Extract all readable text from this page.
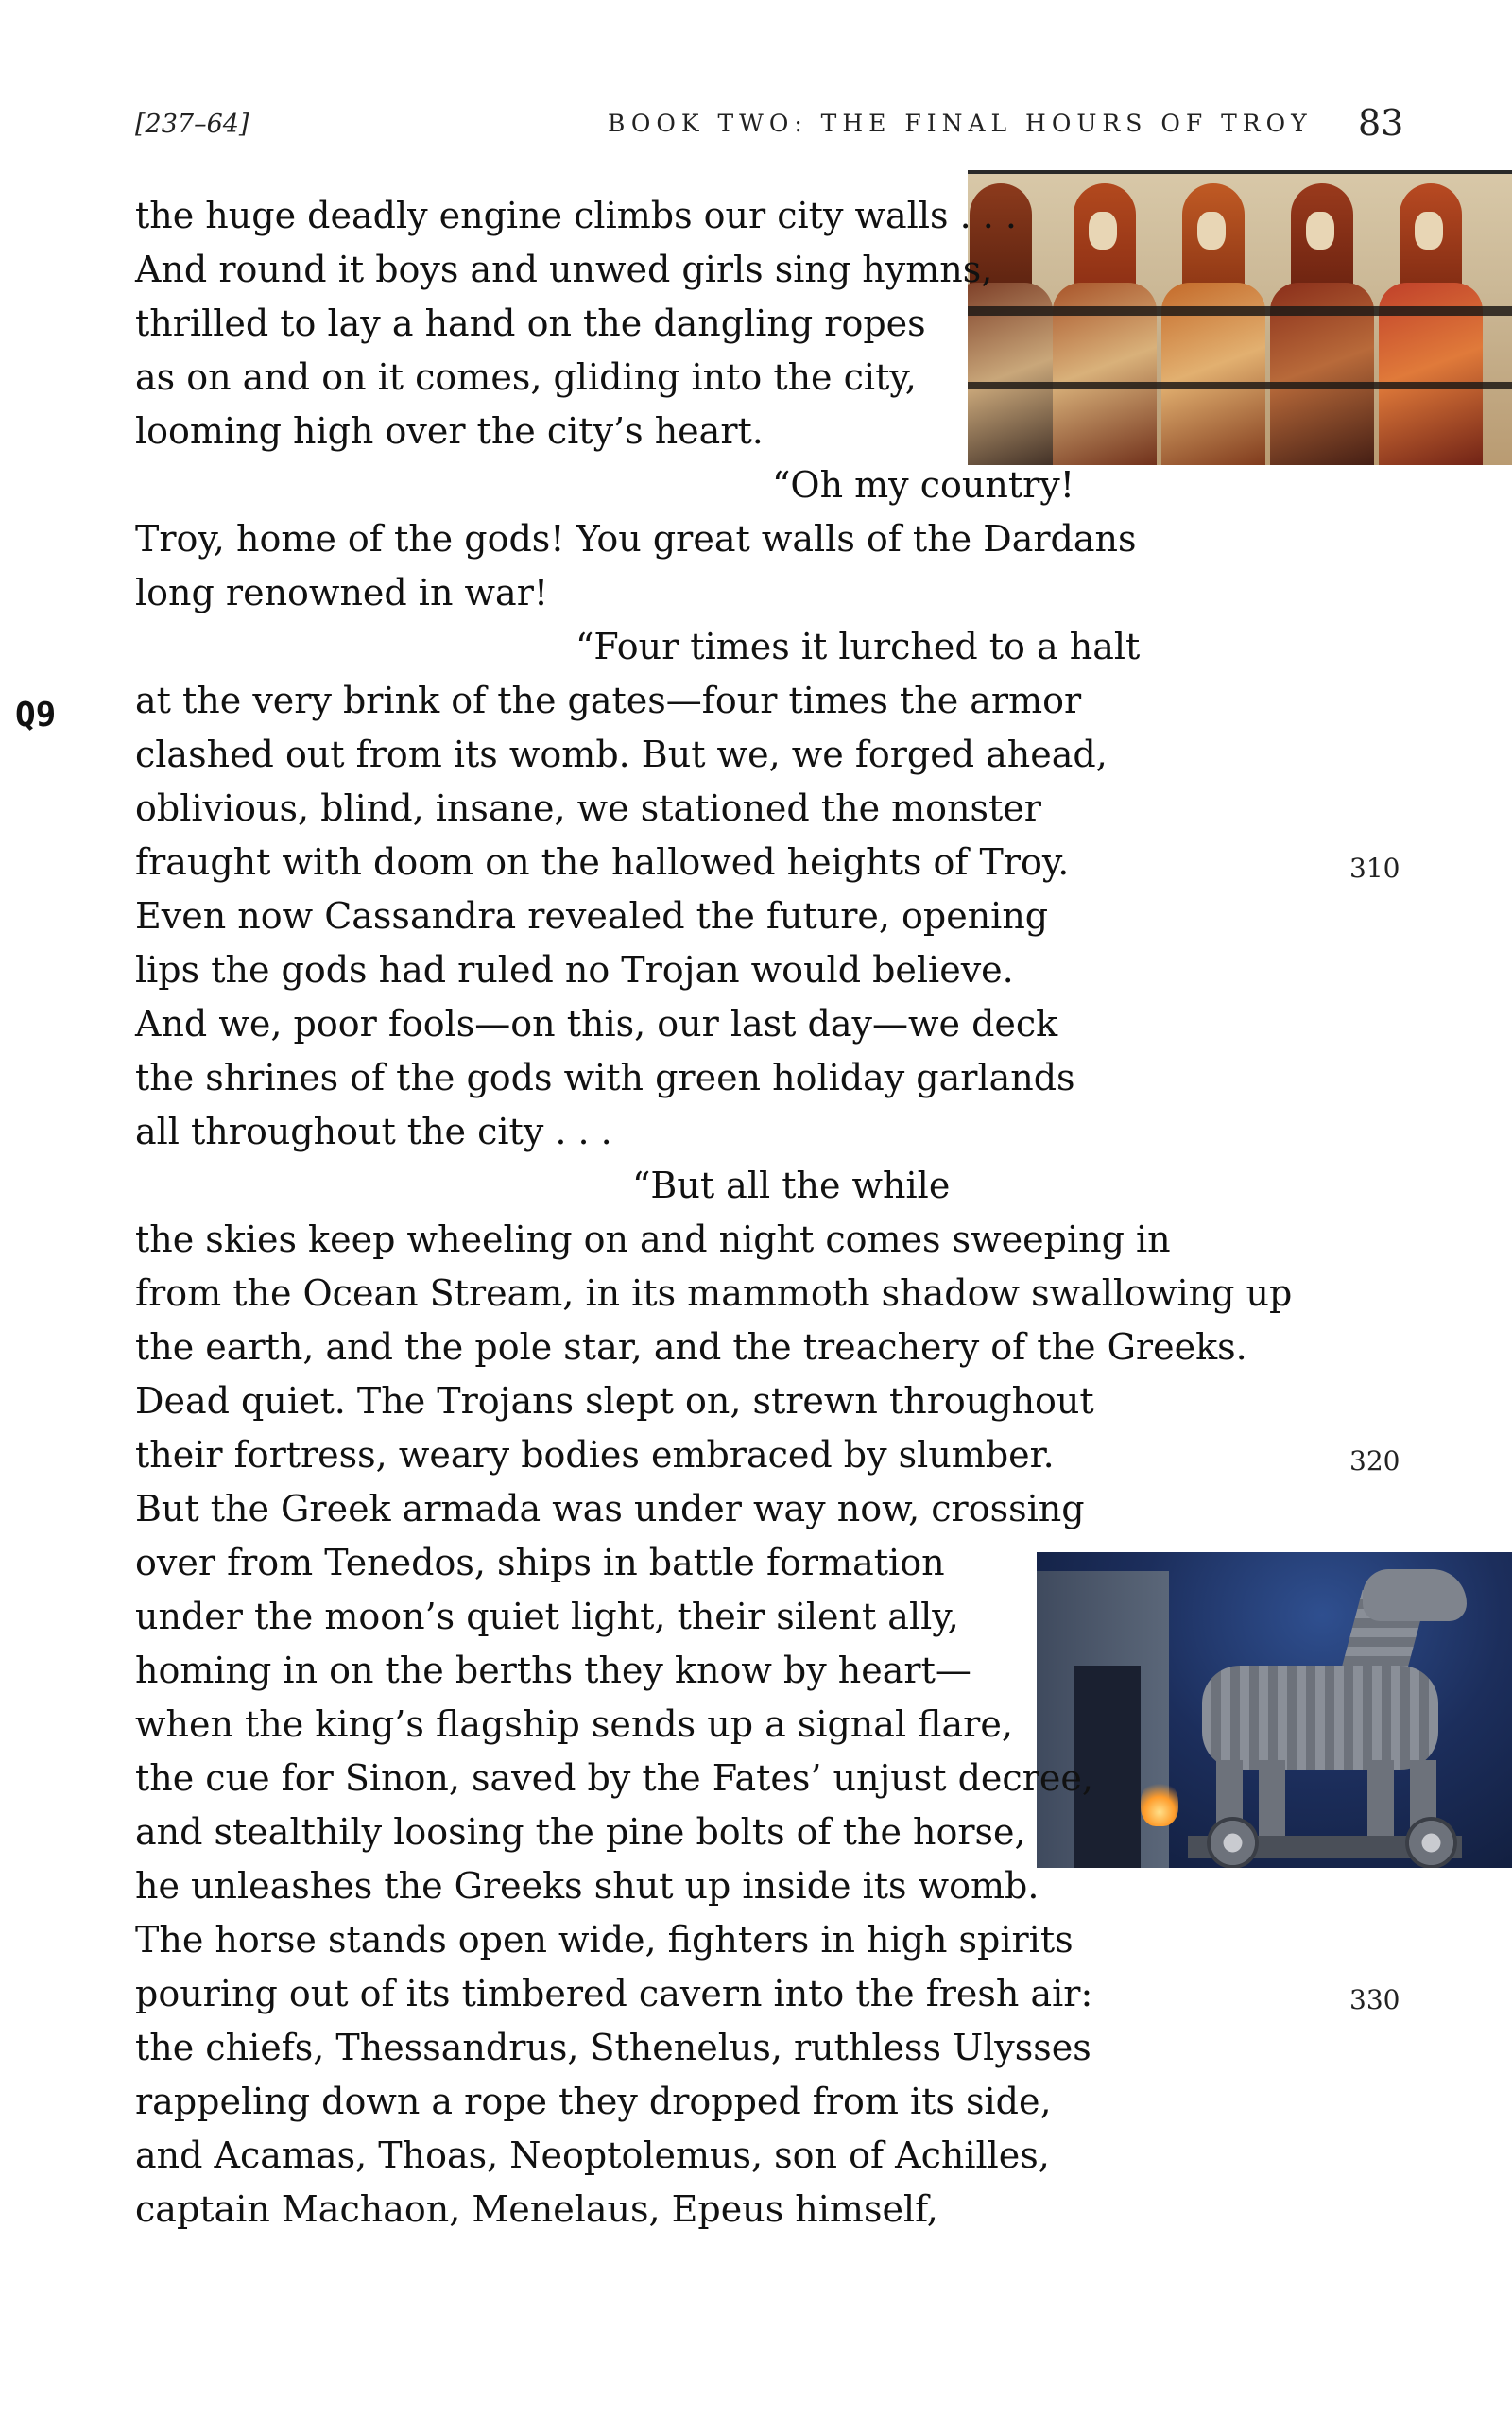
[237–64]	BOOK TWO: THE FINAL HOURS OF TROY 83
Q9
the huge deadly engine climbs our city walls . . .
And round it boys and unwed girls sing hymns,
thrilled to lay a hand on the dangling ropes
as on and on it comes, gliding into the city,
looming high over the city’s heart.
“Oh my country!
Troy, home of the gods! You great walls of the Dardans
long renowned in war!
“Four times it lurched to a halt
at the very brink of the gates—four times the armor
clashed out from its womb. But we, we forged ahead,
oblivious, blind, insane, we stationed the monster
fraught with doom on the hallowed heights of Troy.
Even now Cassandra revealed the future, opening
lips the gods had ruled no Trojan would believe.
And we, poor fools—on this, our last day—we deck
the shrines of the gods with green holiday garlands
all throughout the city . . .
“But all the while
the skies keep wheeling on and night comes sweeping in
from the Ocean Stream, in its mammoth shadow swallowing up
the earth, and the pole star, and the treachery of the Greeks.
Dead quiet. The Trojans slept on, strewn throughout
their fortress, weary bodies embraced by slumber.
But the Greek armada was under way now, crossing
over from Tenedos, ships in battle formation
under the moon’s quiet light, their silent ally,
homing in on the berths they know by heart—
when the king’s flagship sends up a signal flare,
the cue for Sinon, saved by the Fates’ unjust decree,
and stealthily loosing the pine bolts of the horse,
he unleashes the Greeks shut up inside its womb.
The horse stands open wide, fighters in high spirits
pouring out of its timbered cavern into the fresh air:
the chiefs, Thessandrus, Sthenelus, ruthless Ulysses
rappeling down a rope they dropped from its side,
and Acamas, Thoas, Neoptolemus, son of Achilles,
captain Machaon, Menelaus, Epeus himself,
310
320
330
